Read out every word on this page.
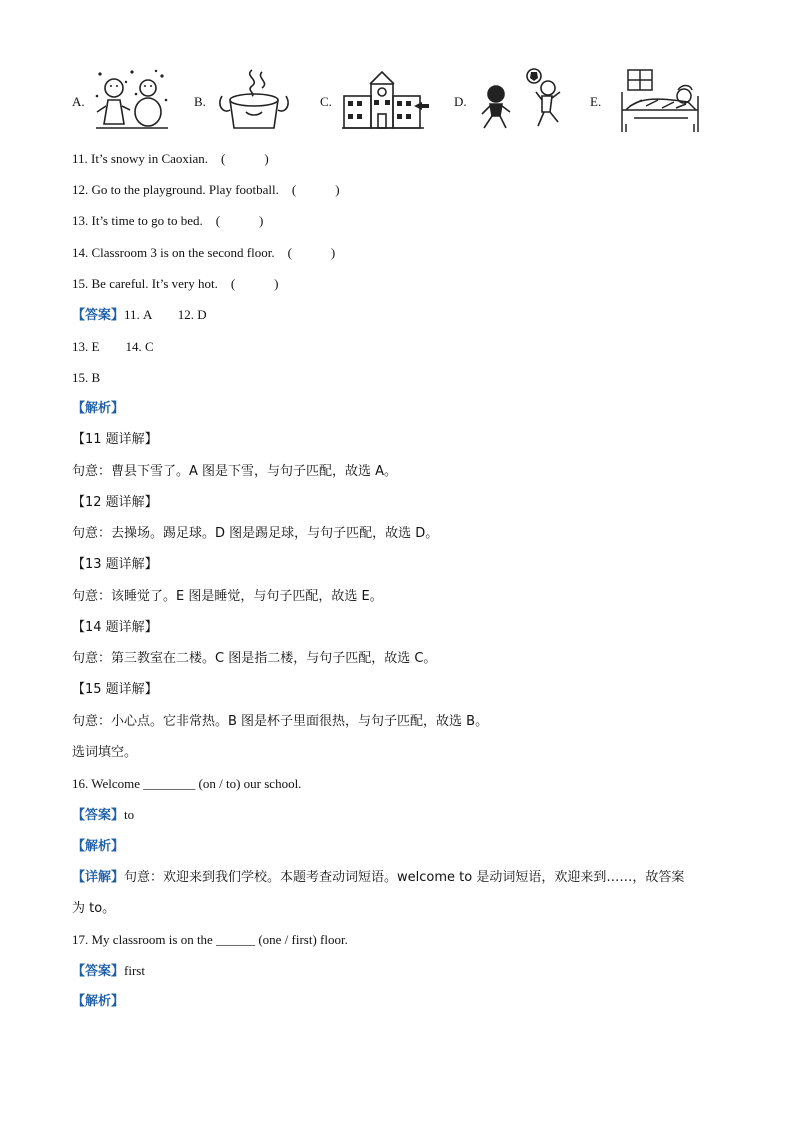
A.	B.	C.	D.	E.
11. It’s snowy in Caoxian.　(　　　)
12. Go to the playground. Play football.　(　　　)
13. It’s time to go to bed.　(　　　)
14. Classroom 3 is on the second floor.　(　　　)
15. Be careful. It’s very hot.　(　　　)
【答案】11. A　　12. D
13. E　　14. C
15. B
【解析】
【11 题详解】
句意：曹县下雪了。A 图是下雪，与句子匹配，故选 A。
【12 题详解】
句意：去操场。踢足球。D 图是踢足球，与句子匹配，故选 D。
【13 题详解】
句意：该睡觉了。E 图是睡觉，与句子匹配，故选 E。
【14 题详解】
句意：第三教室在二楼。C 图是指二楼，与句子匹配，故选 C。
【15 题详解】
句意：小心点。它非常热。B 图是杯子里面很热，与句子匹配，故选 B。
选词填空。
16. Welcome ________ (on / to) our school.
【答案】to
【解析】
【详解】句意：欢迎来到我们学校。本题考查动词短语。welcome to 是动词短语，欢迎来到……，故答案
为 to。
17. My classroom is on the ______ (one / first) floor.
【答案】first
【解析】
